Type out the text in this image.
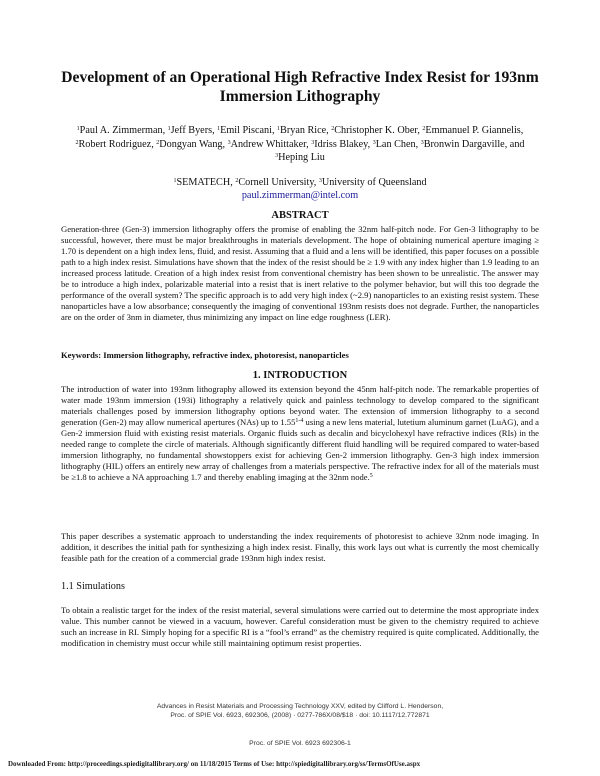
Development of an Operational High Refractive Index Resist for 193nm Immersion Lithography
$^1$Paul A. Zimmerman, $^1$Jeff Byers, $^1$Emil Piscani, $^1$Bryan Rice, $^2$Christopher K. Ober, $^2$Emmanuel P. Giannelis, $^2$Robert Rodriguez, $^2$Dongyan Wang, $^3$Andrew Whittaker, $^3$Idriss Blakey, $^3$Lan Chen, $^3$Bronwin Dargaville, and $^3$Heping Liu
$^1$SEMATECH, $^2$Cornell University, $^3$University of Queensland
paul.zimmerman@intel.com
ABSTRACT
Generation-three (Gen-3) immersion lithography offers the promise of enabling the 32nm half-pitch node. For Gen-3 lithography to be successful, however, there must be major breakthroughs in materials development. The hope of obtaining numerical aperture imaging ≥ 1.70 is dependent on a high index lens, fluid, and resist. Assuming that a fluid and a lens will be identified, this paper focuses on a possible path to a high index resist. Simulations have shown that the index of the resist should be ≥ 1.9 with any index higher than 1.9 leading to an increased process latitude. Creation of a high index resist from conventional chemistry has been shown to be unrealistic. The answer may be to introduce a high index, polarizable material into a resist that is inert relative to the polymer behavior, but will this too degrade the performance of the overall system? The specific approach is to add very high index (~2.9) nanoparticles to an existing resist system. These nanoparticles have a low absorbance; consequently the imaging of conventional 193nm resists does not degrade. Further, the nanoparticles are on the order of 3nm in diameter, thus minimizing any impact on line edge roughness (LER).
Keywords: Immersion lithography, refractive index, photoresist, nanoparticles
1. INTRODUCTION
The introduction of water into 193nm lithography allowed its extension beyond the 45nm half-pitch node. The remarkable properties of water made 193nm immersion (193i) lithography a relatively quick and painless technology to develop compared to the significant materials challenges posed by immersion lithography options beyond water. The extension of immersion lithography to a second generation (Gen-2) may allow numerical apertures (NAs) up to 1.55$^{1-4}$ using a new lens material, lutetium aluminum garnet (LuAG), and a Gen-2 immersion fluid with existing resist materials. Organic fluids such as decalin and bicyclohexyl have refractive indices (RIs) in the needed range to complete the circle of materials. Although significantly different fluid handling will be required compared to water-based immersion lithography, no fundamental showstoppers exist for achieving Gen-2 immersion lithography. Gen-3 high index immersion lithography (HIL) offers an entirely new array of challenges from a materials perspective. The refractive index for all of the materials must be ≥1.8 to achieve a NA approaching 1.7 and thereby enabling imaging at the 32nm node.$^5$
This paper describes a systematic approach to understanding the index requirements of photoresist to achieve 32nm node imaging. In addition, it describes the initial path for synthesizing a high index resist. Finally, this work lays out what is currently the most chemically feasible path for the creation of a commercial grade 193nm high index resist.
1.1 Simulations
To obtain a realistic target for the index of the resist material, several simulations were carried out to determine the most appropriate index value. This number cannot be viewed in a vacuum, however. Careful consideration must be given to the chemistry required to achieve such an increase in RI. Simply hoping for a specific RI is a “fool’s errand” as the chemistry required is quite complicated. Additionally, the modification in chemistry must occur while still maintaining optimum resist properties.
Advances in Resist Materials and Processing Technology XXV, edited by Clifford L. Henderson,
Proc. of SPIE Vol. 6923, 692306, (2008) · 0277-786X/08/$18 · doi: 10.1117/12.772871
Proc. of SPIE Vol. 6923 692306-1
Downloaded From: http://proceedings.spiedigitallibrary.org/ on 11/18/2015 Terms of Use: http://spiedigitallibrary.org/ss/TermsOfUse.aspx
